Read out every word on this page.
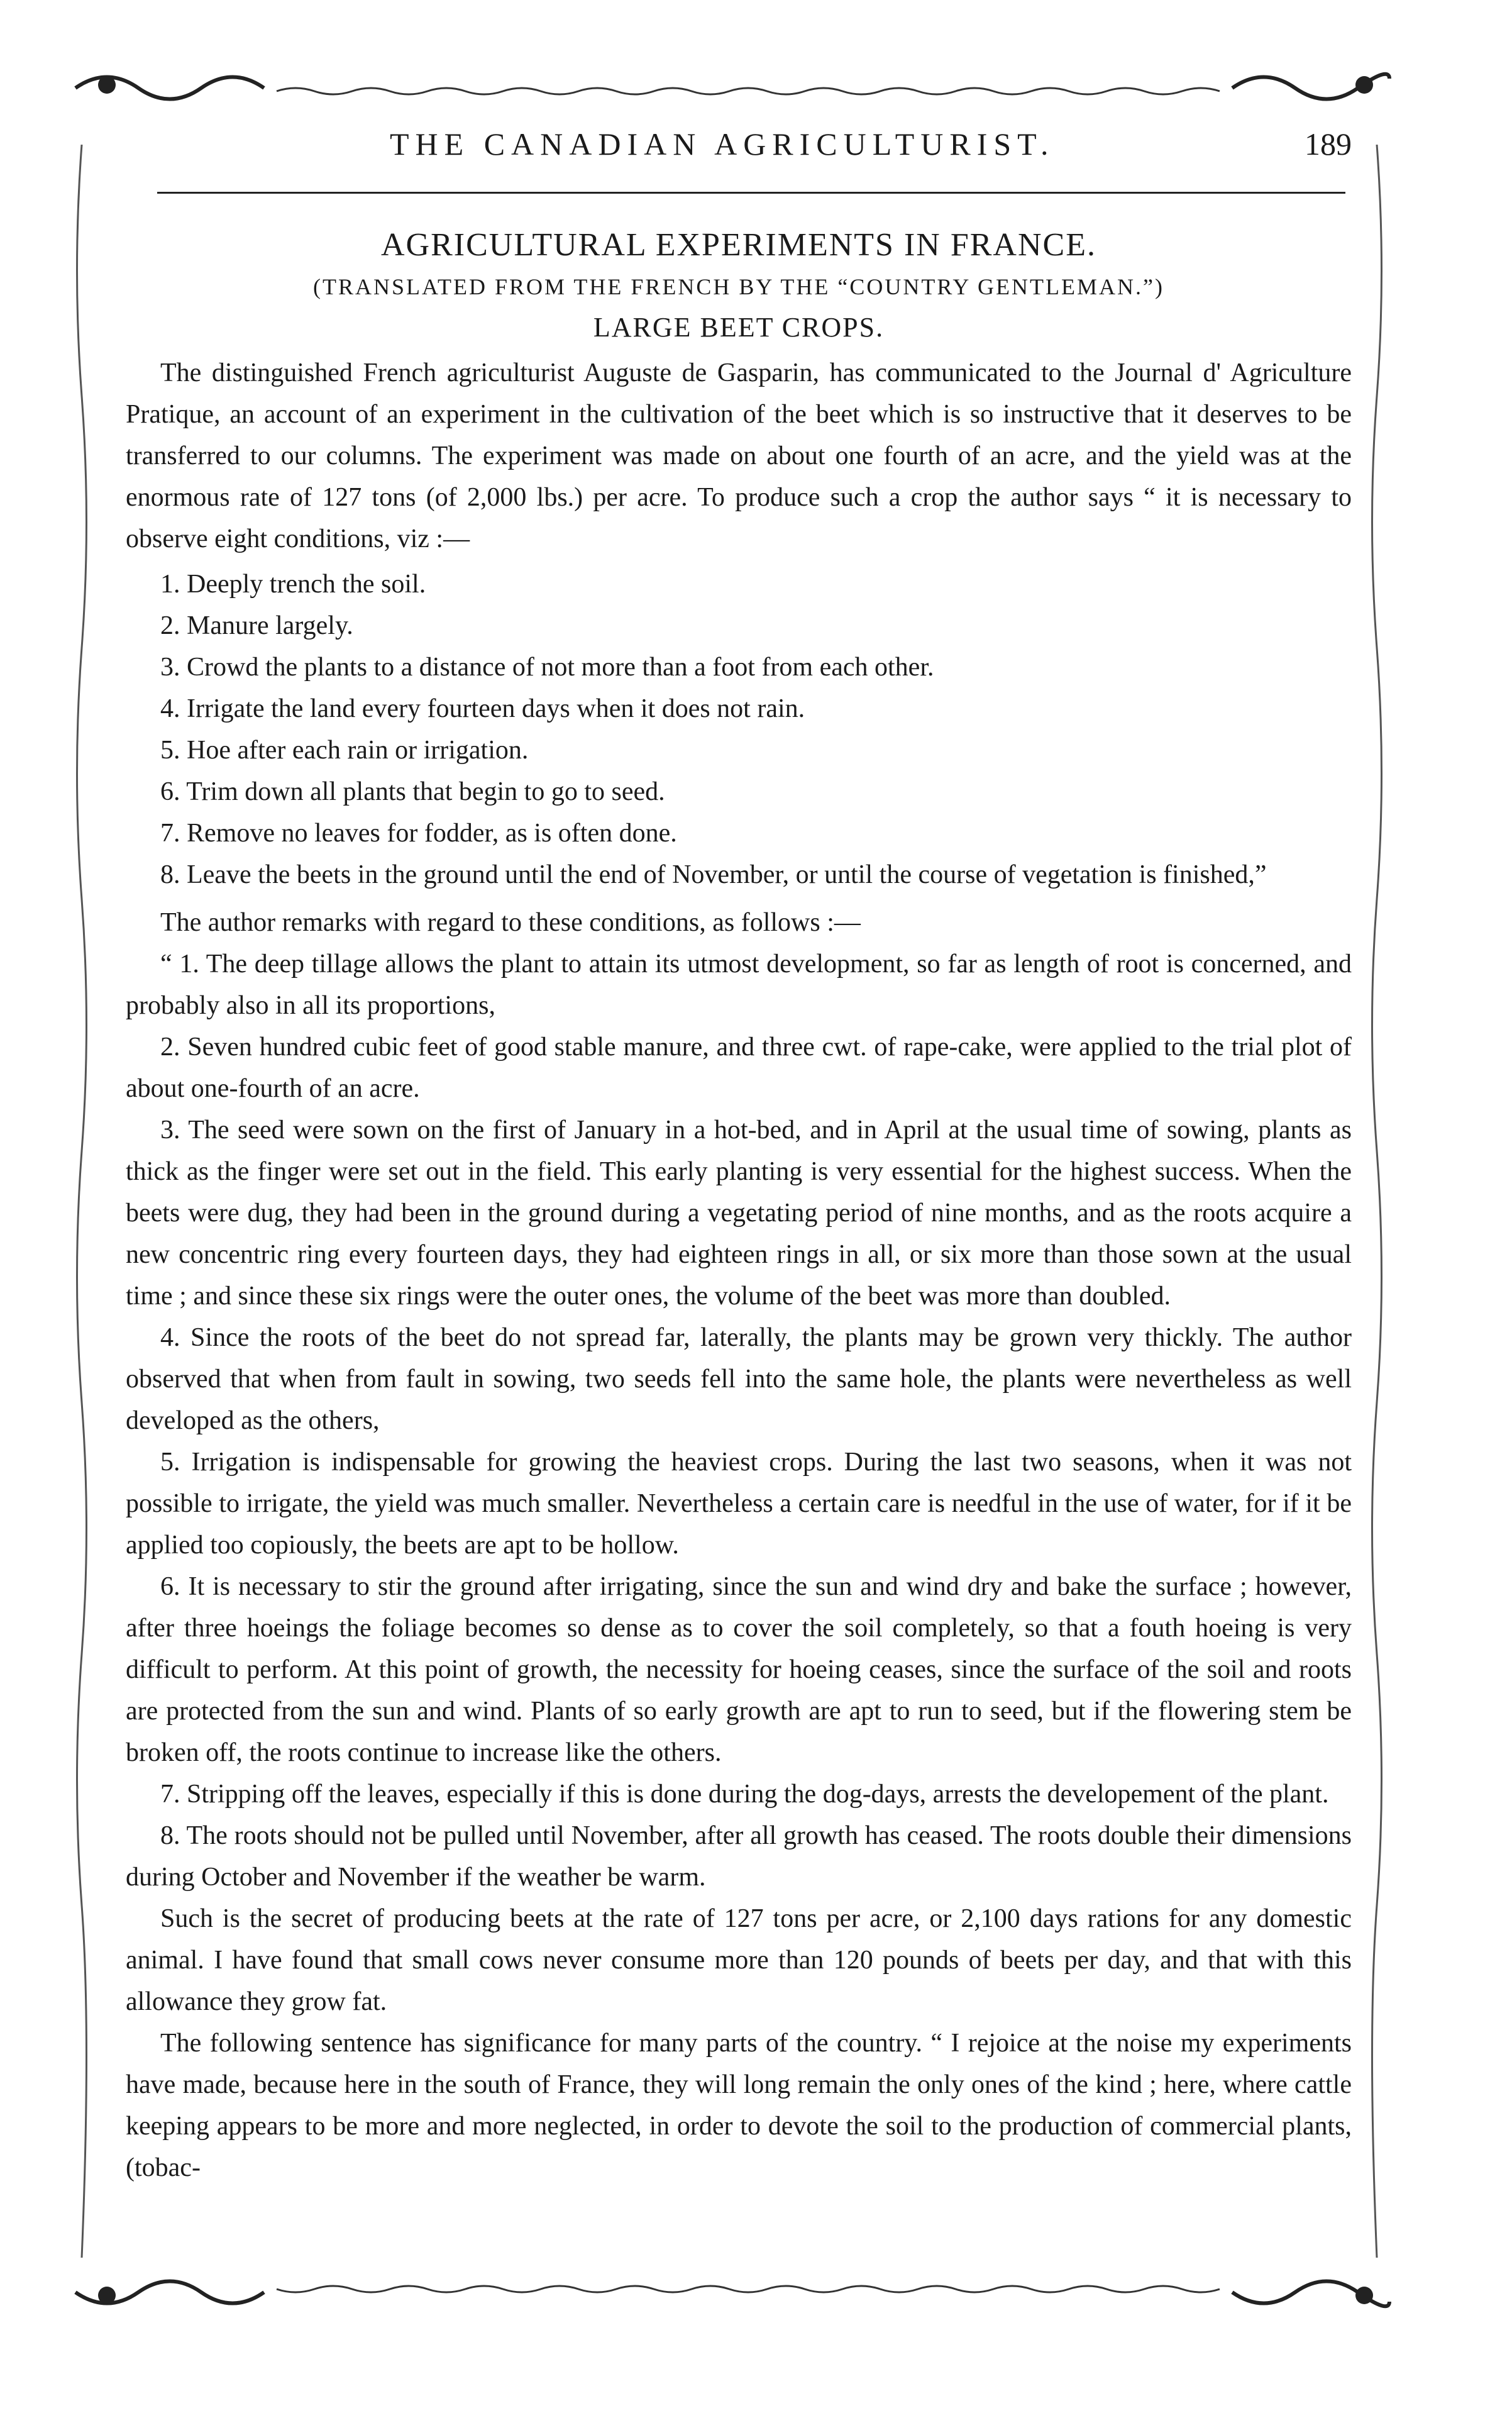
THE CANADIAN AGRICULTURIST.	189
AGRICULTURAL EXPERIMENTS IN FRANCE.
(TRANSLATED FROM THE FRENCH BY THE “COUNTRY GENTLEMAN.”)
LARGE BEET CROPS.

The distinguished French agriculturist Auguste de Gasparin, has communicated to the Journal d' Agriculture Pratique, an account of an experiment in the cultivation of the beet which is so instructive that it deserves to be transferred to our columns. The experiment was made on about one fourth of an acre, and the yield was at the enormous rate of 127 tons (of 2,000 lbs.) per acre. To produce such a crop the author says “ it is necessary to observe eight conditions, viz :—

1. Deeply trench the soil.
2. Manure largely.
3. Crowd the plants to a distance of not more than a foot from each other.
4. Irrigate the land every fourteen days when it does not rain.
5. Hoe after each rain or irrigation.
6. Trim down all plants that begin to go to seed.
7. Remove no leaves for fodder, as is often done.
8. Leave the beets in the ground until the end of November, or until the course of vegetation is finished,”

The author remarks with regard to these conditions, as follows :—

“ 1. The deep tillage allows the plant to attain its utmost development, so far as length of root is concerned, and probably also in all its proportions,

2. Seven hundred cubic feet of good stable manure, and three cwt. of rape-cake, were applied to the trial plot of about one-fourth of an acre.

3. The seed were sown on the first of January in a hot-bed, and in April at the usual time of sowing, plants as thick as the finger were set out in the field. This early planting is very essential for the highest success. When the beets were dug, they had been in the ground during a vegetating period of nine months, and as the roots acquire a new concentric ring every fourteen days, they had eighteen rings in all, or six more than those sown at the usual time ; and since these six rings were the outer ones, the volume of the beet was more than doubled.

4. Since the roots of the beet do not spread far, laterally, the plants may be grown very thickly. The author observed that when from fault in sowing, two seeds fell into the same hole, the plants were nevertheless as well developed as the others,

5. Irrigation is indispensable for growing the heaviest crops. During the last two seasons, when it was not possible to irrigate, the yield was much smaller. Nevertheless a certain care is needful in the use of water, for if it be applied too copiously, the beets are apt to be hollow.

6. It is necessary to stir the ground after irrigating, since the sun and wind dry and bake the surface ; however, after three hoeings the foliage becomes so dense as to cover the soil completely, so that a fouth hoeing is very difficult to perform. At this point of growth, the necessity for hoeing ceases, since the surface of the soil and roots are protected from the sun and wind. Plants of so early growth are apt to run to seed, but if the flowering stem be broken off, the roots continue to increase like the others.

7. Stripping off the leaves, especially if this is done during the dog-days, arrests the developement of the plant.

8. The roots should not be pulled until November, after all growth has ceased. The roots double their dimensions during October and November if the weather be warm.

Such is the secret of producing beets at the rate of 127 tons per acre, or 2,100 days rations for any domestic animal. I have found that small cows never consume more than 120 pounds of beets per day, and that with this allowance they grow fat.

The following sentence has significance for many parts of the country. “ I rejoice at the noise my experiments have made, because here in the south of France, they will long remain the only ones of the kind ; here, where cattle keeping appears to be more and more neglected, in order to devote the soil to the production of commercial plants, (tobac-
